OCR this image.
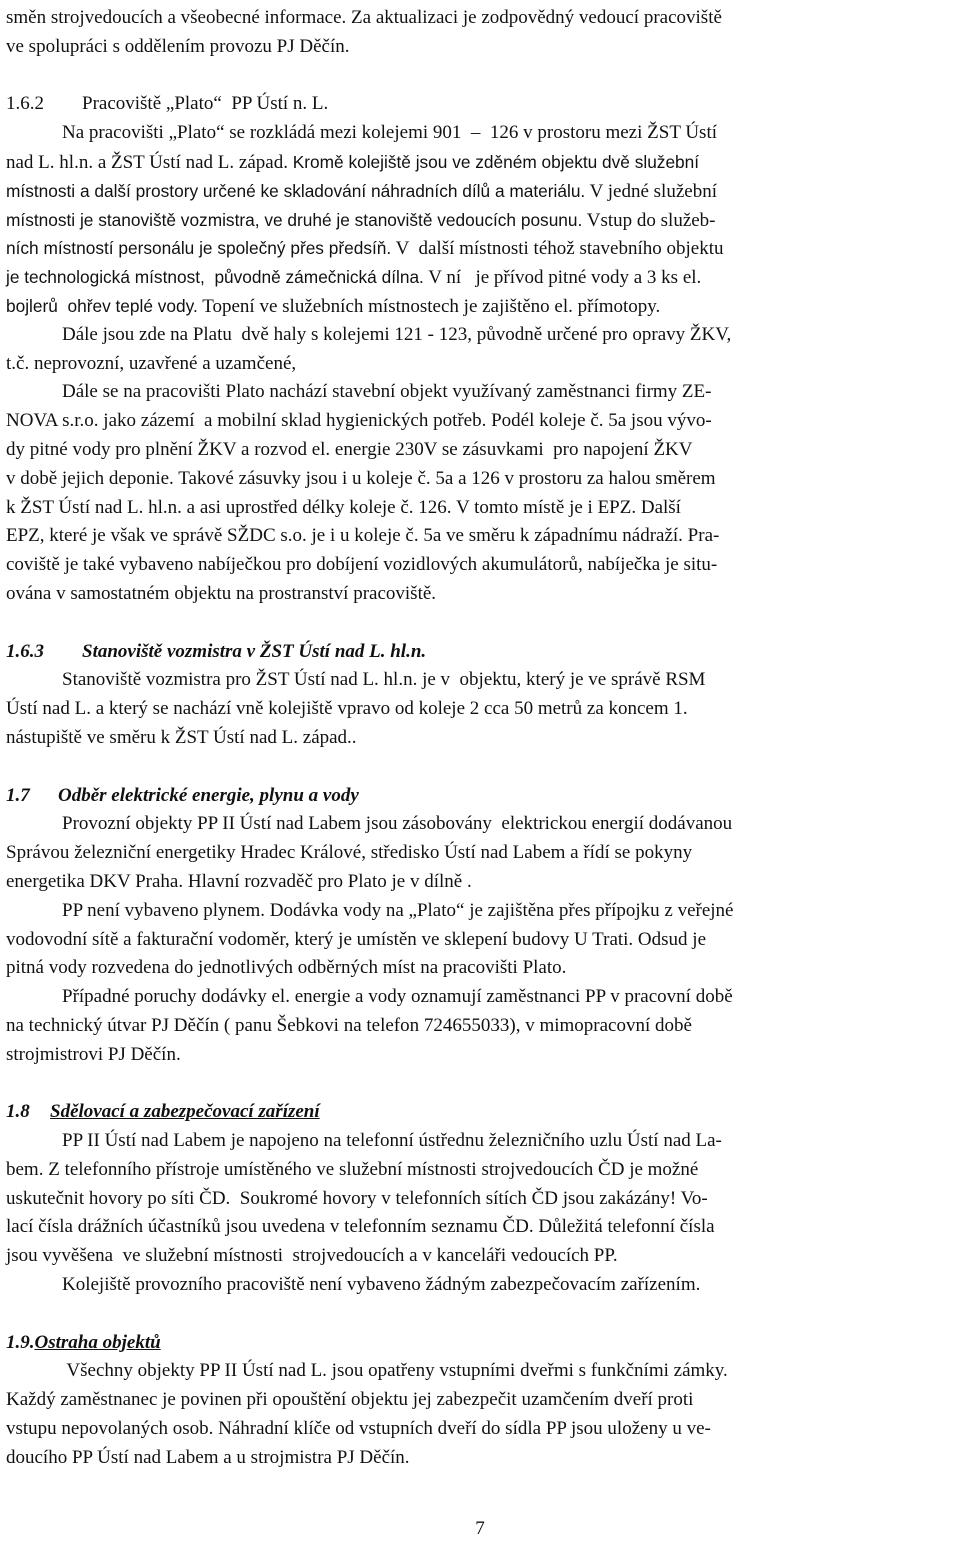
směn strojvedoucích a všeobecné informace. Za aktualizaci je zodpovědný vedoucí pracoviště
ve spolupráci s oddělením provozu PJ Děčín.
1.6.2 Pracoviště „Plato“  PP Ústí n. L.
Na pracovišti „Plato“ se rozkládá mezi kolejemi 901  –  126 v prostoru mezi ŽST Ústí
nad L. hl.n. a ŽST Ústí nad L. západ. Kromě kolejiště jsou ve zděném objektu dvě služební
místnosti a další prostory určené ke skladování náhradních dílů a materiálu. V jedné služební
místnosti je stanoviště vozmistra, ve druhé je stanoviště vedoucích posunu. Vstup do služeb-
ních místností personálu je společný přes předsíň. V  další místnosti téhož stavebního objektu
je technologická místnost,  původně zámečnická dílna. V ní   je přívod pitné vody a 3 ks el.
bojlerů  ohřev teplé vody. Topení ve služebních místnostech je zajištěno el. přímotopy.
Dále jsou zde na Platu  dvě haly s kolejemi 121 - 123, původně určené pro opravy ŽKV,
t.č. neprovozní, uzavřené a uzamčené,
Dále se na pracovišti Plato nachází stavební objekt využívaný zaměstnanci firmy ZE-
NOVA s.r.o. jako zázemí  a mobilní sklad hygienických potřeb. Podél koleje č. 5a jsou vývo-
dy pitné vody pro plnění ŽKV a rozvod el. energie 230V se zásuvkami  pro napojení ŽKV
v době jejich deponie. Takové zásuvky jsou i u koleje č. 5a a 126 v prostoru za halou směrem
k ŽST Ústí nad L. hl.n. a asi uprostřed délky koleje č. 126. V tomto místě je i EPZ. Další
EPZ, které je však ve správě SŽDC s.o. je i u koleje č. 5a ve směru k západnímu nádraží. Pra-
coviště je také vybaveno nabíječkou pro dobíjení vozidlových akumulátorů, nabíječka je situ-
ována v samostatném objektu na prostranství pracoviště.
1.6.3 Stanoviště vozmistra v ŽST Ústí nad L. hl.n.
Stanoviště vozmistra pro ŽST Ústí nad L. hl.n. je v  objektu, který je ve správě RSM
Ústí nad L. a který se nachází vně kolejiště vpravo od koleje 2 cca 50 metrů za koncem 1.
nástupiště ve směru k ŽST Ústí nad L. západ..
1.7 Odběr elektrické energie, plynu a vody
Provozní objekty PP II Ústí nad Labem jsou zásobovány  elektrickou energií dodávanou
Správou železniční energetiky Hradec Králové, středisko Ústí nad Labem a řídí se pokyny
energetika DKV Praha. Hlavní rozvaděč pro Plato je v dílně .
PP není vybaveno plynem. Dodávka vody na „Plato“ je zajištěna přes přípojku z veřejné
vodovodní sítě a fakturační vodoměr, který je umístěn ve sklepení budovy U Trati. Odsud je
pitná vody rozvedena do jednotlivých odběrných míst na pracovišti Plato.
Případné poruchy dodávky el. energie a vody oznamují zaměstnanci PP v pracovní době
na technický útvar PJ Děčín ( panu Šebkovi na telefon 724655033), v mimopracovní době
strojmistrovi PJ Děčín.
1.8 Sdělovací a zabezpečovací zařízení
PP II Ústí nad Labem je napojeno na telefonní ústřednu železničního uzlu Ústí nad La-
bem. Z telefonního přístroje umístěného ve služební místnosti strojvedoucích ČD je možné
uskutečnit hovory po síti ČD.  Soukromé hovory v telefonních sítích ČD jsou zakázány! Vo-
lací čísla drážních účastníků jsou uvedena v telefonním seznamu ČD. Důležitá telefonní čísla
jsou vyvěšena  ve služební místnosti  strojvedoucích a v kanceláři vedoucích PP.
Kolejiště provozního pracoviště není vybaveno žádným zabezpečovacím zařízením.
1.9.Ostraha objektů
Všechny objekty PP II Ústí nad L. jsou opatřeny vstupními dveřmi s funkčními zámky.
Každý zaměstnanec je povinen při opouštění objektu jej zabezpečit uzamčením dveří proti
vstupu nepovolaných osob. Náhradní klíče od vstupních dveří do sídla PP jsou uloženy u ve-
doucího PP Ústí nad Labem a u strojmistra PJ Děčín.
7
